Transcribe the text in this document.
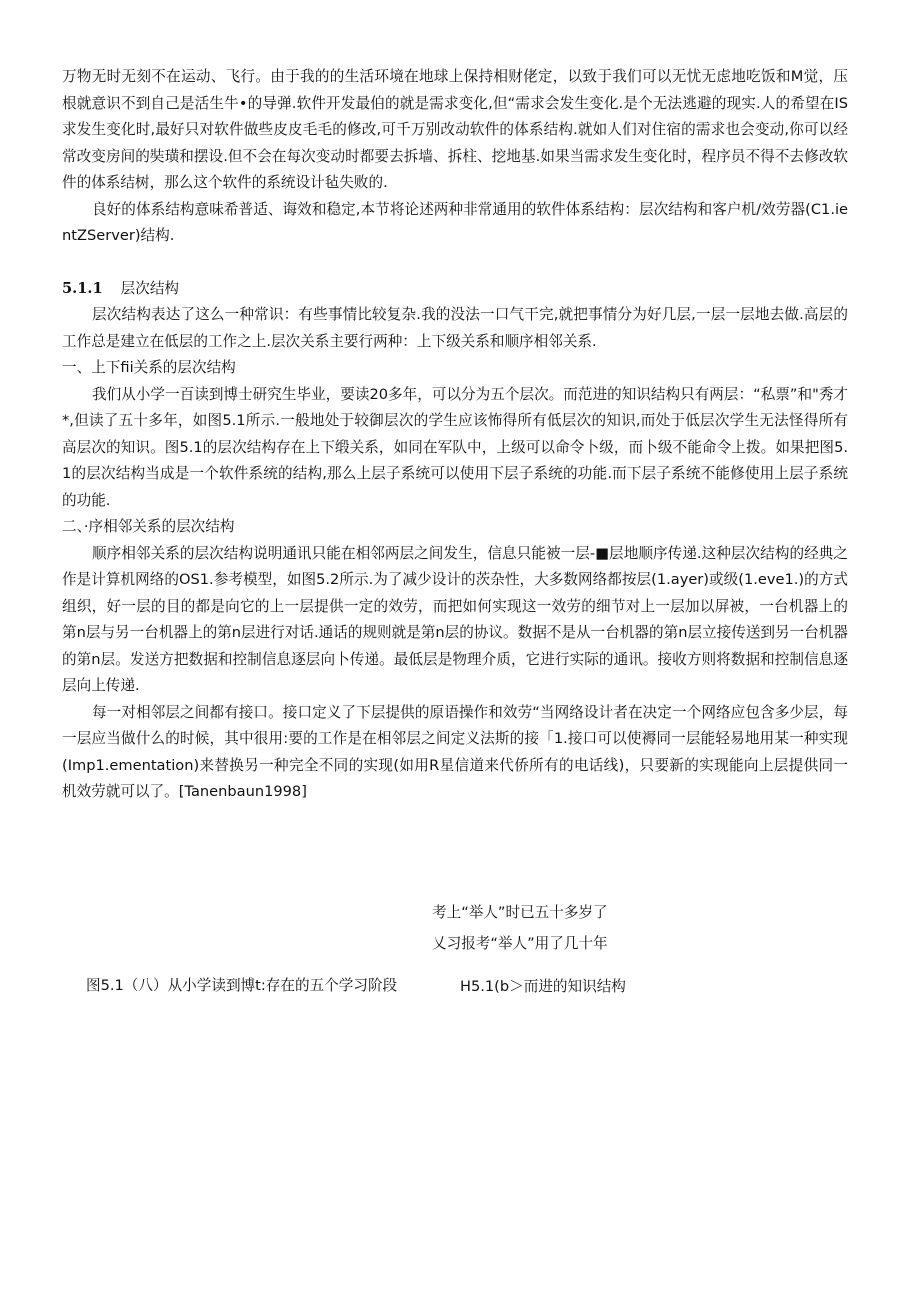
万物无时无刻不在运动、飞行。由于我的的生活环境在地球上保持相财佬定，以致于我们可以无忧无虑地吃饭和M觉，压根就意识不到自己是活生牛•的导弹.软件开发最伯的就是需求变化,但“需求会发生变化.是个无法逃避的现实.人的希望在IS求发生变化时,最好只对软件做些皮皮毛毛的修改,可千万别改动软件的体系结构.就如人们对住宿的需求也会变动,你可以经常改变房间的奘璜和摆设.但不会在每次变动时都要去拆墙、拆柱、挖地基.如果当需求发生变化时，程序员不得不去修改软件的体系结树，那么这个软件的系统设计毡失败的.

良好的体系结构意味希普适、诲效和稳定,本节将论述两种非常通用的软件体系结构：层次结构和客户机/效劳器(C1.ientZServer)结构.

5.1.1 层次结构

层次结构表达了这么一种常识：有些事情比较复杂.我的没法一口气干完,就把事情分为好几层,一层一层地去做.高层的工作总是建立在低层的工作之上.层次关系主要行两种：上下级关系和顺序相邻关系.

一、上下fii关系的层次结构

我们从小学一百读到博士研究生毕业，要读20多年，可以分为五个层次。而范进的知识结构只有两层：“私票”和"秀才*,但读了五十多年，如图5.1所示.一般地处于较御层次的学生应该怖得所有低层次的知识,而处于低层次学生无法怪得所有高层次的知识。图5.1的层次结构存在上下缎关系，如同在军队中，上级可以命令卜级，而卜级不能命令上拨。如果把图5.1的层次结构当成是一个软件系统的结构,那么上层子系统可以使用下层子系统的功能.而下层子系统不能修使用上层子系统的功能.

二、·序相邻关系的层次结构

顺序相邻关系的层次结构说明通讯只能在相邻两层之间发生，信息只能被一层-■层地顺序传递.这种层次结构的经典之作是计算机网络的OS1.参考模型，如图5.2所示.为了减少设计的茨杂性，大多数网络都按层(1.ayer)或级(1.eve1.)的方式组织，好一层的目的都是向它的上一层提供一定的效劳，而把如何实现这一效劳的细节对上一层加以屏被，一台机器上的第n层与另一台机器上的第n层进行对话.通话的规则就是第n层的协议。数据不是从一台机器的第n层立接传送到另一台机器的第n层。发送方把数据和控制信息逐层向卜传递。最低层是物理介质，它进行实际的通讯。接收方则将数据和控制信息逐层向上传递.

每一对相邻层之间都有接口。接口定义了下层提供的原语操作和效劳“当网络设计者在决定一个网络应包含多少层，每一层应当做什么的时候，其中很用:要的工作是在相邻层之间定义法斯的接「1.接口可以使褥同一层能轻易地用某一种实现(Imp1.ementation)来替换另一种完全不同的实现(如用R星信道来代侨所有的电话线)，只要新的实现能向上层提供同一机效劳就可以了。[Tanenbaun1998]

考上“举人”时已五十多岁了
乂习报考“举人”用了几十年
图5.1（八）从小学读到博t:存在的五个学习阶段	H5.1(b＞而进的知识结构
